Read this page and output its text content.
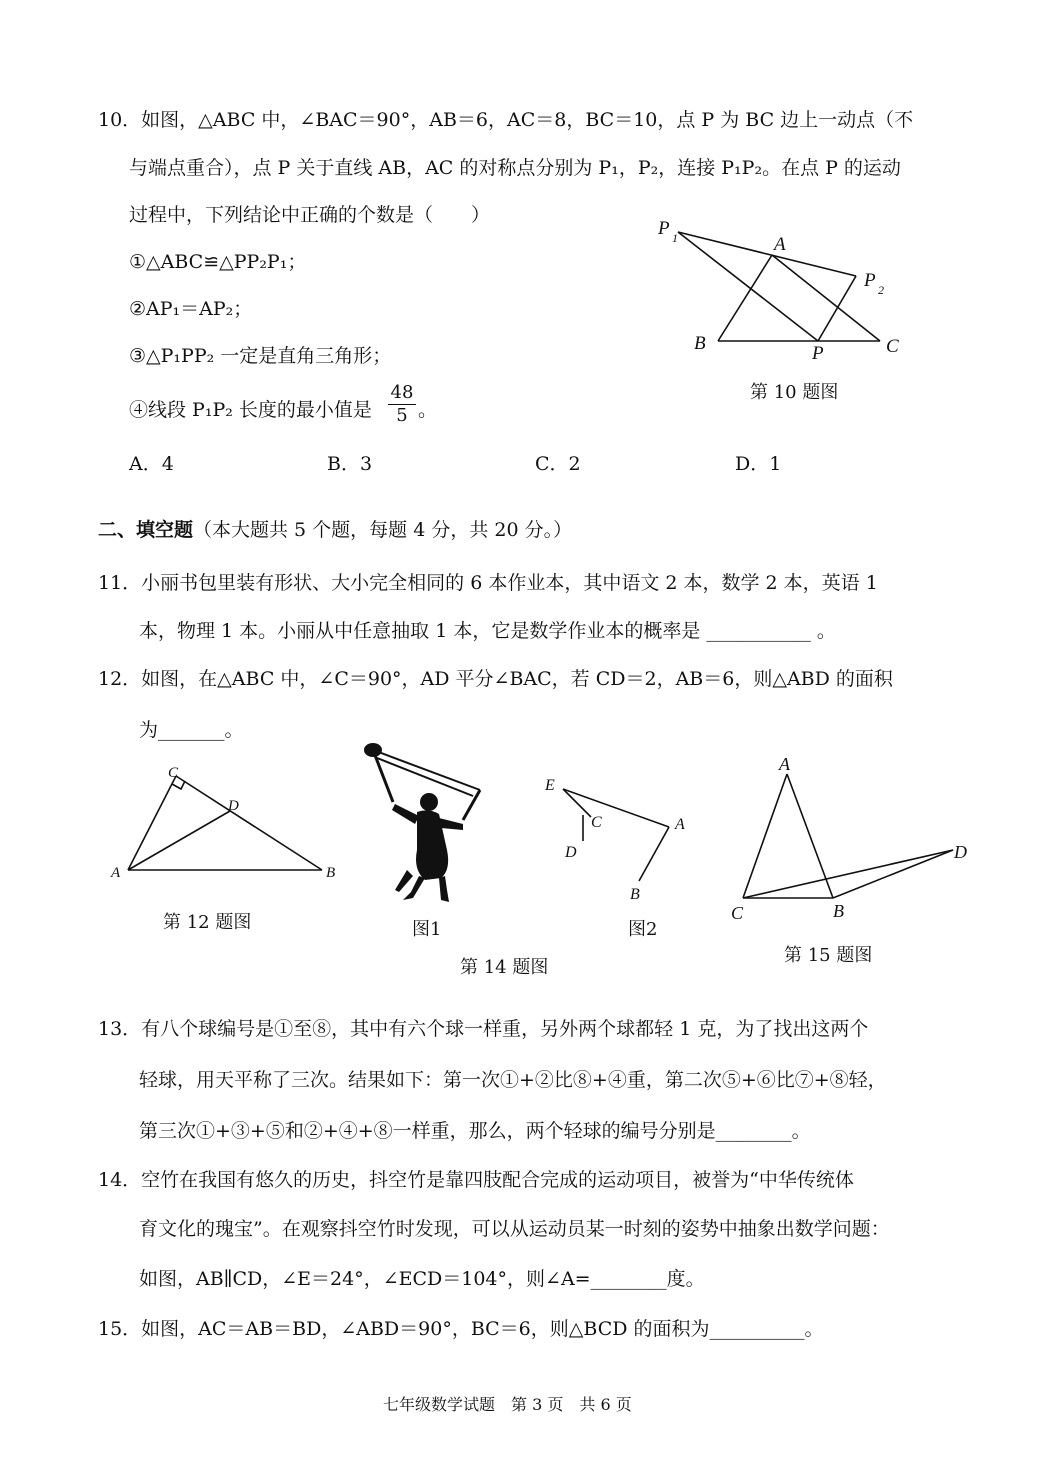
10．如图，△ABC 中，∠BAC＝90°，AB＝6，AC＝8，BC＝10，点 P 为 BC 边上一动点（不
与端点重合），点 P 关于直线 AB，AC 的对称点分别为 P₁，P₂，连接 P₁P₂。在点 P 的运动
过程中，下列结论中正确的个数是（　　）
①△ABC≌△PP₂P₁；
②AP₁＝AP₂；
③△P₁PP₂ 一定是直角三角形；
④线段 P₁P₂ 长度的最小值是 $\frac{48}{5}$ 。
A．4	B．3	C．2	D．1
P 1	A
P 2
B	P	C
第 10 题图
二、填空题（本大题共 5 个题，每题 4 分，共 20 分。）
11．小丽书包里装有形状、大小完全相同的 6 本作业本，其中语文 2 本，数学 2 本，英语 1
本，物理 1 本。小丽从中任意抽取 1 本，它是数学作业本的概率是 ___________ 。
12．如图，在△ABC 中，∠C＝90°，AD 平分∠BAC，若 CD＝2，AB＝6，则△ABD 的面积
为_______。
C
D
A	B
第 12 题图	图1
E
C
D
A
B
图2
第 14 题图
A
D
C	B
第 15 题图
13．有八个球编号是①至⑧，其中有六个球一样重，另外两个球都轻 1 克，为了找出这两个
轻球，用天平称了三次。结果如下：第一次①+②比⑧+④重，第二次⑤+⑥比⑦+⑧轻，
第三次①+③+⑤和②+④+⑧一样重，那么，两个轻球的编号分别是________。
14．空竹在我国有悠久的历史，抖空竹是靠四肢配合完成的运动项目，被誉为“中华传统体
育文化的瑰宝”。在观察抖空竹时发现，可以从运动员某一时刻的姿势中抽象出数学问题：
如图，AB∥CD，∠E＝24°，∠ECD＝104°，则∠A=________度。
15．如图，AC＝AB＝BD，∠ABD＝90°，BC＝6，则△BCD 的面积为__________。
七年级数学试题　第 3 页　共 6 页
